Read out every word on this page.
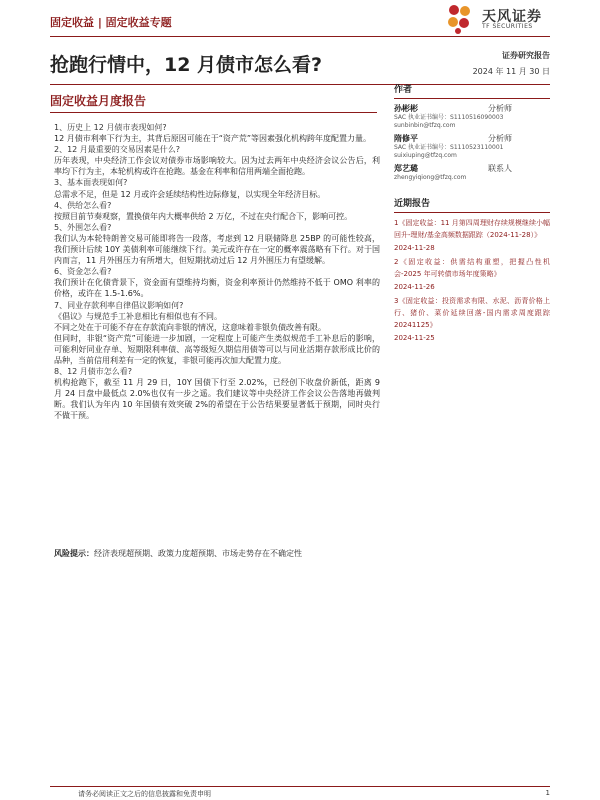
固定收益 | 固定收益专题	天风证券
TF SECURITIES
抢跑行情中，12 月债市怎么看?	证券研究报告
2024 年 11 月 30 日
固定收益月度报告

1、历史上 12 月债市表现如何?

12 月债市利率下行为主，其背后原因可能在于“资产荒”等因素强化机构跨年度配置力量。

2、12 月最重要的交易因素是什么?

历年表现，中央经济工作会议对债券市场影响较大。因为过去两年中央经济会议公告后，利率均下行为主，本轮机构或许在抢跑。基金在利率和信用两端全面抢跑。

3、基本面表现如何?

总需求不足，但是 12 月或许会延续结构性边际修复，以实现全年经济目标。

4、供给怎么看?

按照目前节奏观察，置换债年内大概率供给 2 万亿，不过在央行配合下，影响可控。

5、外围怎么看?

我们认为本轮特朗普交易可能即将告一段落，考虑到 12 月联储降息 25BP 的可能性较高，我们预计后续 10Y 美债利率可能继续下行。美元或许存在一定的概率震荡略有下行。对于国内而言，11 月外围压力有所增大，但短期扰动过后 12 月外围压力有望缓解。

6、资金怎么看?

我们预计在化债背景下，资金面有望维持均衡，资金利率预计仍然维持不低于 OMO 利率的价格，或许在 1.5-1.6%。

7、同业存款利率自律倡议影响如何?

《倡议》与规范手工补息相比有相似也有不同。

不同之处在于可能不存在存款流向非银的情况，这意味着非银负债改善有限。

但同时，非银“资产荒”可能进一步加剧，一定程度上可能产生类似规范手工补息后的影响，可能利好同业存单、短期限利率债、高等级短久期信用债等可以与同业活期存款形成比价的品种，当前信用利差有一定的恢复，非银可能再次加大配置力度。

8、12 月债市怎么看?

机构抢跑下，截至 11 月 29 日，10Y 国债下行至 2.02%，已经创下收盘价新低，距离 9 月 24 日盘中最低点 2.0%也仅有一步之遥。我们建议等中央经济工作会议公告落地再做判断。我们认为年内 10 年国债有效突破 2%的希望在于公告结果要显著低于预期，同时央行不做干预。

风险提示：经济表现超预期、政策力度超预期、市场走势存在不确定性
作者
孙彬彬	分析师
SAC 执业证书编号：S1110516090003
sunbinbin@tfzq.com
隋修平	分析师
SAC 执业证书编号：S1110523110001
suixiuping@tfzq.com
郑艺璐	联系人
zhengyiqiong@tfzq.com
近期报告
1《固定收益：11 月第四周理财存续规模继续小幅回升-理财/基金高频数据跟踪（2024-11-28）》
2024-11-28
2《固定收益：供需结构重塑，把握凸性机会-2025 年可转债市场年度策略》
2024-11-26
3《固定收益：投资需求有限、水泥、沥青价格上行、猪价、菜价延续回落-国内需求周度跟踪 20241125》
2024-11-25
请务必阅读正文之后的信息披露和免责申明	1
